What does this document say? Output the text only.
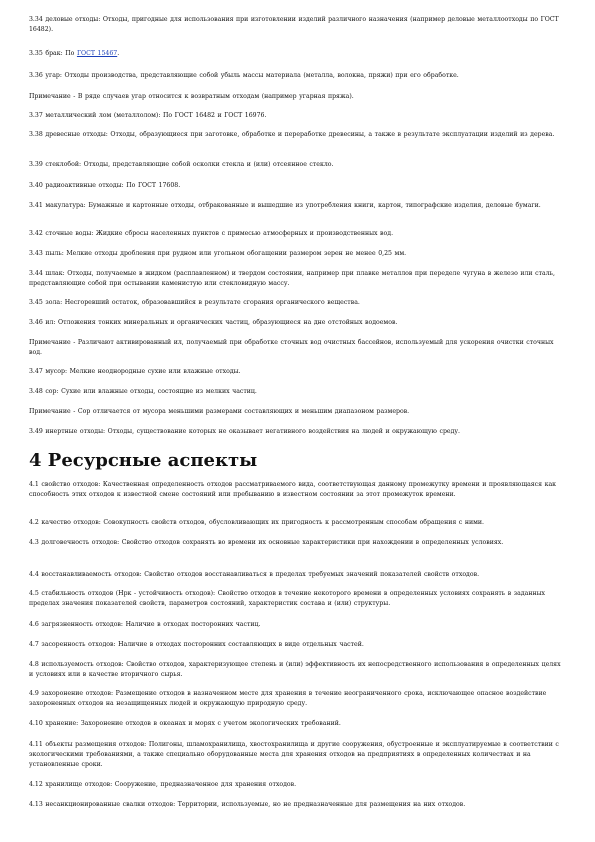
3.34 деловые отходы: Отходы, пригодные для использования при изготовлении изделий различного назначения (например деловые металлоотходы по ГОСТ 16482).
3.35 брак: По ГОСТ 15467.
3.36 угар: Отходы производства, представляющие собой убыль массы материала (металла, волокна, пряжи) при его обработке.
Примечание - В ряде случаев угар относится к возвратным отходам (например угарная пряжа).
3.37 металлический лом (металлолом): По ГОСТ 16482 и ГОСТ 16976.
3.38 древесные отходы: Отходы, образующиеся при заготовке, обработке и переработке древесины, а также в результате эксплуатации изделий из дерева.
3.39 стеклобой: Отходы, представляющие собой осколки стекла и (или) отсеянное стекло.
3.40 радиоактивные отходы: По ГОСТ 17608.
3.41 макулатура: Бумажные и картонные отходы, отбракованные и вышедшие из употребления книги, картон, типографские изделия, деловые бумаги.
3.42 сточные воды: Жидкие сбросы населенных пунктов с примесью атмосферных и производственных вод.
3.43 пыль: Мелкие отходы дробления при рудном или угольном обогащении размером зерен не менее 0,25 мм.
3.44 шлак: Отходы, получаемые в жидком (расплавленном) и твердом состоянии, например при плавке металлов при переделе чугуна в железо или сталь, представляющие собой при остывании каменистую или стекловидную массу.
3.45 зола: Несгоревший остаток, образовавшийся в результате сгорания органического вещества.
3.46 ил: Отложения тонких минеральных и органических частиц, образующиеся на дне отстойных водоемов.
Примечание - Различают активированный ил, получаемый при обработке сточных вод очистных бассейнов, используемый для ускорения очистки сточных вод.
3.47 мусор: Мелкие неоднородные сухие или влажные отходы.
3.48 сор: Сухие или влажные отходы, состоящие из мелких частиц.
Примечание - Сор отличается от мусора меньшими размерами составляющих и меньшим диапазоном размеров.
3.49 инертные отходы: Отходы, существование которых не оказывает негативного воздействия на людей и окружающую среду.
4 Ресурсные аспекты
4.1 свойство отходов: Качественная определенность отходов рассматриваемого вида, соответствующая данному промежутку времени и проявляющаяся как способность этих отходов к известной смене состояний или пребыванию в известном состоянии за этот промежуток времени.
4.2 качество отходов: Совокупность свойств отходов, обусловливающих их пригодность к рассмотренным способам обращения с ними.
4.3 долговечность отходов: Свойство отходов сохранять во времени их основные характеристики при нахождении в определенных условиях.
4.4 восстанавливаемость отходов: Свойство отходов восстанавливаться в пределах требуемых значений показателей свойств отходов.
4.5 стабильность отходов (Нрк - устойчивость отходов): Свойство отходов в течение некоторого времени в определенных условиях сохранять в заданных пределах значения показателей свойств, параметров состояний, характеристик состава и (или) структуры.
4.6 загрязненность отходов: Наличие в отходах посторонних частиц.
4.7 засоренность отходов: Наличие в отходах посторонних составляющих в виде отдельных частей.
4.8 используемость отходов: Свойство отходов, характеризующее степень и (или) эффективность их непосредственного использования в определенных целях и условиях или в качестве вторичного сырья.
4.9 захоронение отходов: Размещение отходов в назначенном месте для хранения в течение неограниченного срока, исключающее опасное воздействие захороненных отходов на незащищенных людей и окружающую природную среду.
4.10 хранение: Захоронение отходов в океанах и морях с учетом экологических требований.
4.11 объекты размещения отходов: Полигоны, шламохранилища, хвостохранилища и другие сооружения, обустроенные и эксплуатируемые в соответствии с экологическими требованиями, а также специально оборудованные места для хранения отходов на предприятиях в определенных количествах и на установленные сроки.
4.12 хранилище отходов: Сооружение, предназначенное для хранения отходов.
4.13 несанкционированные свалки отходов: Территории, используемые, но не предназначенные для размещения на них отходов.
